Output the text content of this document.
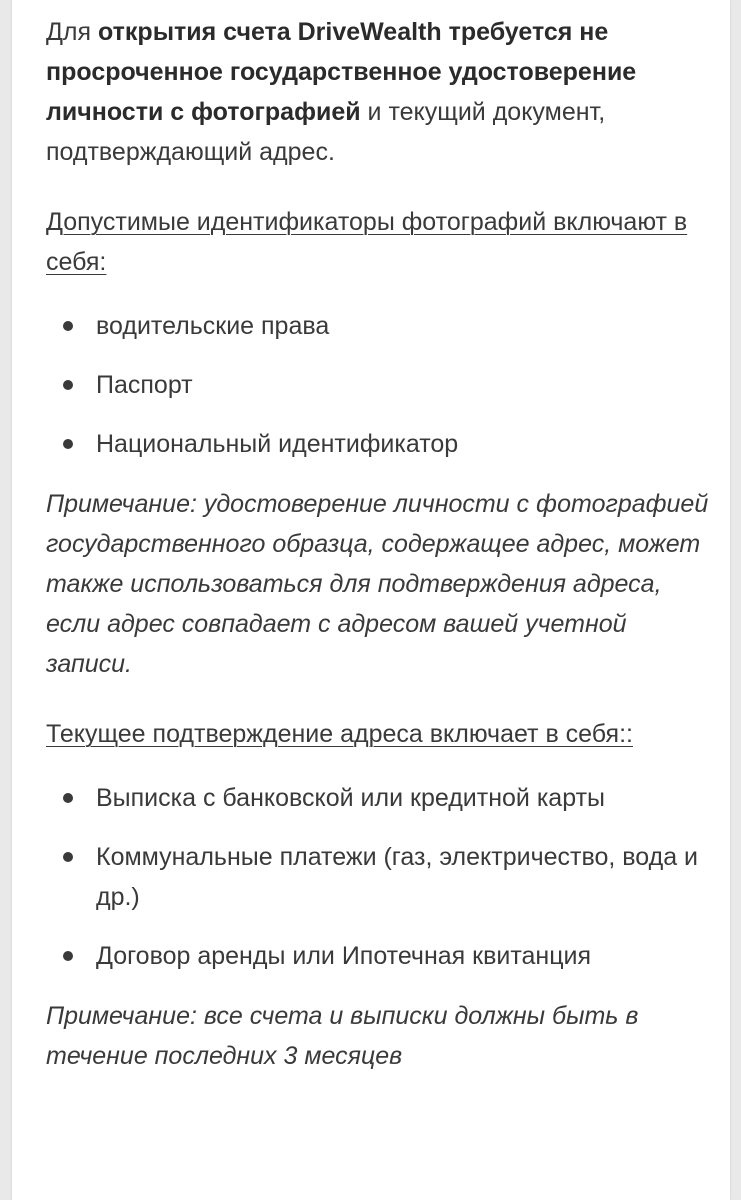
Для открытия счета DriveWealth требуется не просроченное государственное удостоверение личности с фотографией и текущий документ, подтверждающий адрес.

Допустимые идентификаторы фотографий включают в себя:

водительские права
Паспорт
Национальный идентификатор

Примечание: удостоверение личности с фотографией государственного образца, содержащее адрес, может также использоваться для подтверждения адреса, если адрес совпадает с адресом вашей учетной записи.

Текущее подтверждение адреса включает в себя::

Выписка с банковской или кредитной карты
Коммунальные платежи (газ, электричество, вода и др.)
Договор аренды или Ипотечная квитанция

Примечание: все счета и выписки должны быть в течение последних 3 месяцев
